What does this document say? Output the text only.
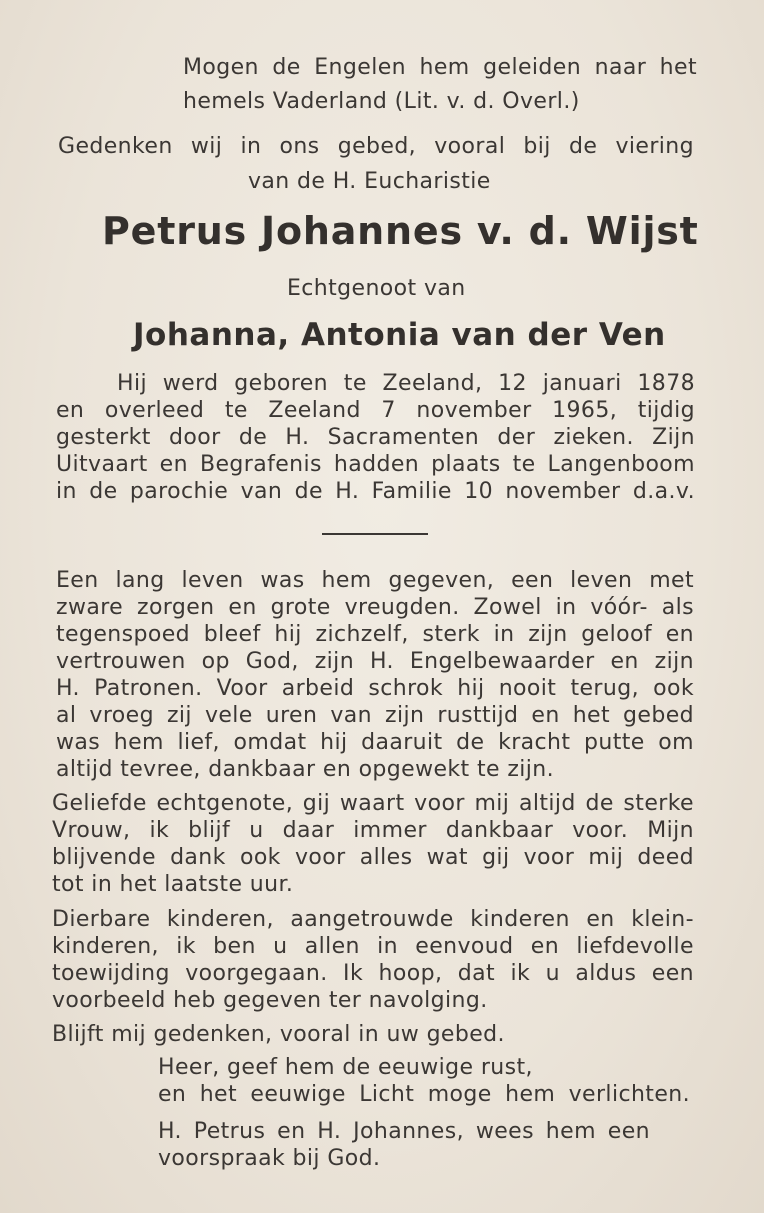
Mogen de Engelen hem geleiden naar het
hemels Vaderland (Lit. v. d. Overl.)
Gedenken wij in ons gebed, vooral bij de viering
van de H. Eucharistie
Petrus Johannes v. d. Wijst
Echtgenoot van
Johanna, Antonia van der Ven
Hij werd geboren te Zeeland, 12 januari 1878
en overleed te Zeeland 7 november 1965, tijdig
gesterkt door de H. Sacramenten der zieken. Zijn
Uitvaart en Begrafenis hadden plaats te Langenboom
in de parochie van de H. Familie 10 november d.a.v.
Een lang leven was hem gegeven, een leven met
zware zorgen en grote vreugden. Zowel in vóór- als
tegenspoed bleef hij zichzelf, sterk in zijn geloof en
vertrouwen op God, zijn H. Engelbewaarder en zijn
H. Patronen. Voor arbeid schrok hij nooit terug, ook
al vroeg zij vele uren van zijn rusttijd en het gebed
was hem lief, omdat hij daaruit de kracht putte om
altijd tevree, dankbaar en opgewekt te zijn.
Geliefde echtgenote, gij waart voor mij altijd de sterke
Vrouw, ik blijf u daar immer dankbaar voor. Mijn
blijvende dank ook voor alles wat gij voor mij deed
tot in het laatste uur.
Dierbare kinderen, aangetrouwde kinderen en klein-
kinderen, ik ben u allen in eenvoud en liefdevolle
toewijding voorgegaan. Ik hoop, dat ik u aldus een
voorbeeld heb gegeven ter navolging.
Blijft mij gedenken, vooral in uw gebed.
Heer, geef hem de eeuwige rust,
en het eeuwige Licht moge hem verlichten.
H. Petrus en H. Johannes, wees hem een
voorspraak bij God.
